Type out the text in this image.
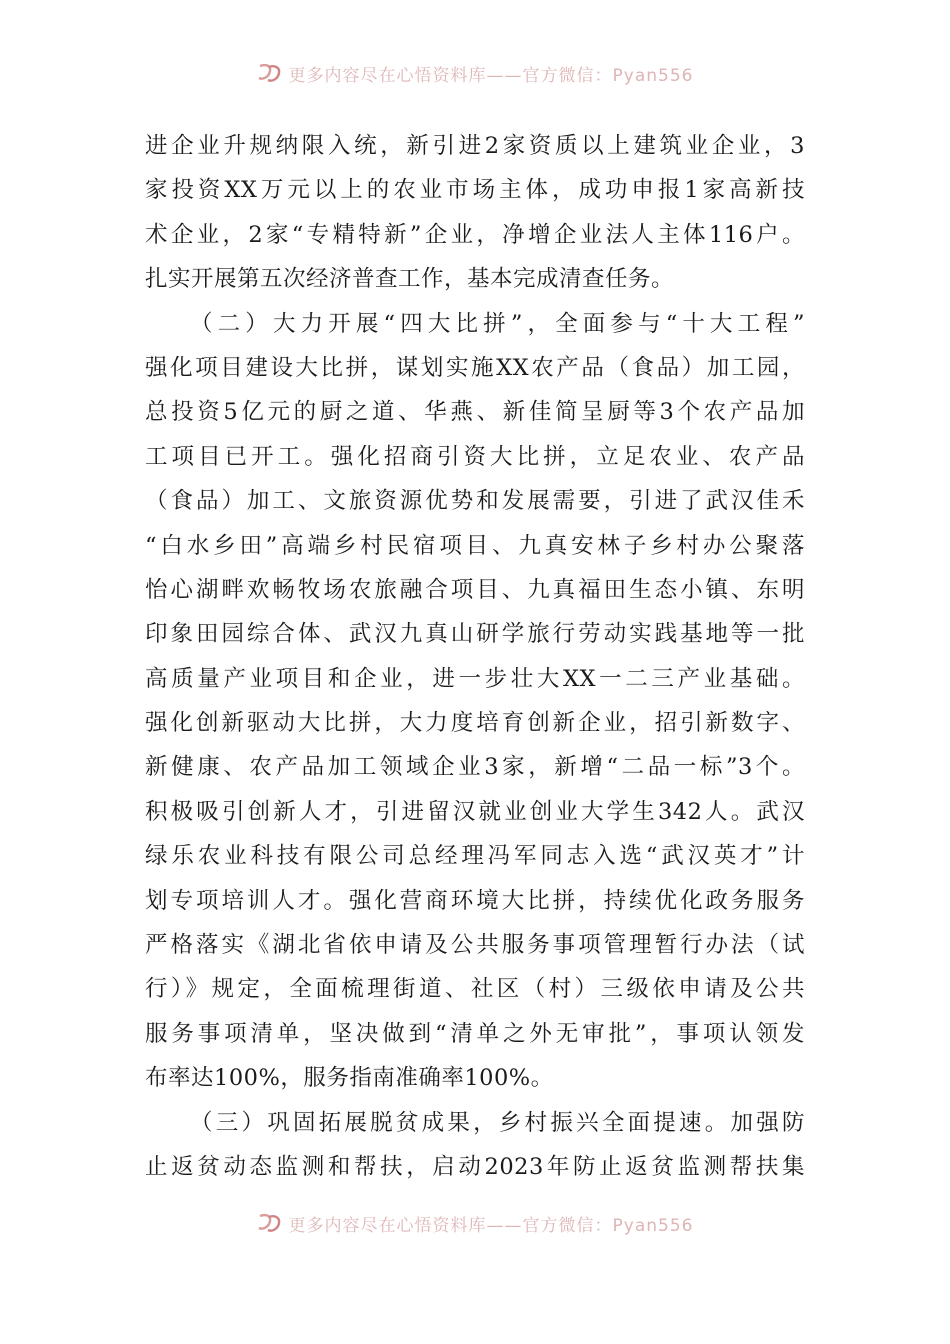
更多内容尽在心悟资料库——官方微信：Pyan556
进企业升规纳限入统，新引进2家资质以上建筑业企业，3
家投资XX万元以上的农业市场主体，成功申报1家高新技
术企业，2家“专精特新”企业，净增企业法人主体116户。
扎实开展第五次经济普查工作，基本完成清查任务。
（二）大力开展“四大比拼”，全面参与“十大工程”
强化项目建设大比拼，谋划实施XX农产品（食品）加工园，
总投资5亿元的厨之道、华燕、新佳简呈厨等3个农产品加
工项目已开工。强化招商引资大比拼，立足农业、农产品
（食品）加工、文旅资源优势和发展需要，引进了武汉佳禾
“白水乡田”高端乡村民宿项目、九真安林子乡村办公聚落
怡心湖畔欢畅牧场农旅融合项目、九真福田生态小镇、东明
印象田园综合体、武汉九真山研学旅行劳动实践基地等一批
高质量产业项目和企业，进一步壮大XX一二三产业基础。
强化创新驱动大比拼，大力度培育创新企业，招引新数字、
新健康、农产品加工领域企业3家，新增“二品一标”3个。
积极吸引创新人才，引进留汉就业创业大学生342人。武汉
绿乐农业科技有限公司总经理冯军同志入选“武汉英才”计
划专项培训人才。强化营商环境大比拼，持续优化政务服务
严格落实《湖北省依申请及公共服务事项管理暂行办法（试
行）》规定，全面梳理街道、社区（村）三级依申请及公共
服务事项清单，坚决做到“清单之外无审批”，事项认领发
布率达100%，服务指南准确率100%。
（三）巩固拓展脱贫成果，乡村振兴全面提速。加强防
止返贫动态监测和帮扶，启动2023年防止返贫监测帮扶集
更多内容尽在心悟资料库——官方微信：Pyan556
